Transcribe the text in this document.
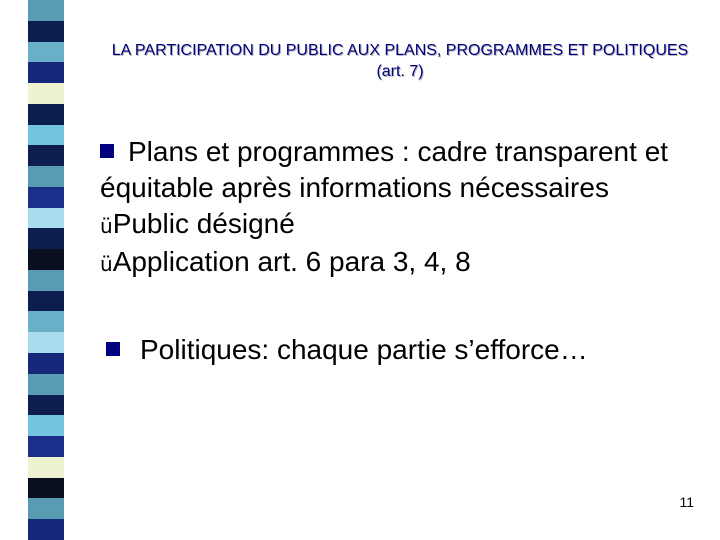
LA PARTICIPATION DU PUBLIC AUX PLANS, PROGRAMMES ET POLITIQUES
(art. 7)
Plans et programmes : cadre transparent et équitable après informations nécessaires
üPublic désigné
üApplication art. 6 para 3, 4, 8
Politiques: chaque partie s’efforce…
11
